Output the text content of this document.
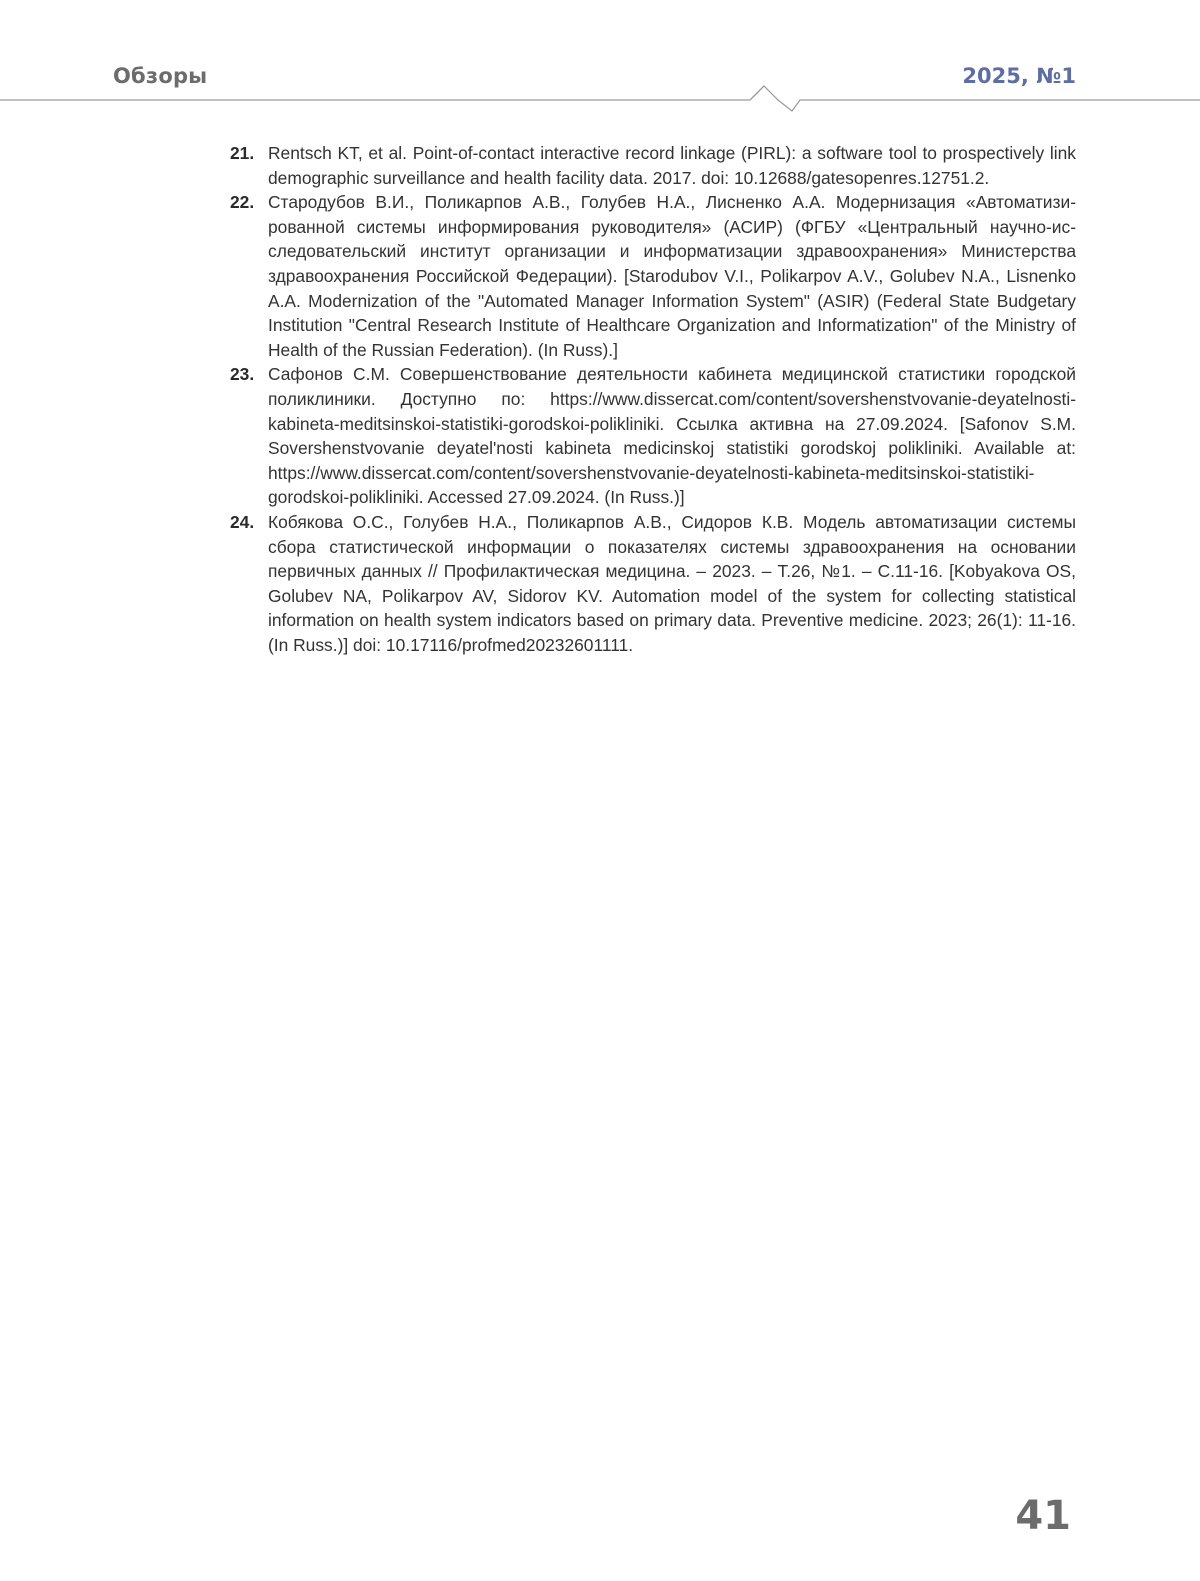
Обзоры	2025, №1
21. Rentsch KT, et al. Point-of-contact interactive record linkage (PIRL): a software tool to prospectively link demographic surveillance and health facility data. 2017. doi: 10.12688/gatesopenres.12751.2.
22. Стародубов В.И., Поликарпов А.В., Голубев Н.А., Лисненко А.А. Модернизация «Автоматизированной системы информирования руководителя» (АСИР) (ФГБУ «Центральный научно-исследовательский институт организации и информатизации здравоохранения» Министерства здравоохранения Российской Федерации). [Starodubov V.I., Polikarpov A.V., Golubev N.A., Lisnenko A.A. Modernization of the "Automated Manager Information System" (ASIR) (Federal State Budgetary Institution "Central Research Institute of Healthcare Organization and Informatization" of the Ministry of Health of the Russian Federation). (In Russ).]
23. Сафонов С.М. Совершенствование деятельности кабинета медицинской статистики городской поликлиники. Доступно по: https://www.dissercat.com/content/sovershenstvovanie-deyatelnosti-kabineta-meditsinskoi-statistiki-gorodskoi-polikliniki. Ссылка активна на 27.09.2024. [Safonov S.M. Sovershenstvovanie deyatel'nosti kabineta medicinskoj statistiki gorodskoj polikliniki. Available at: https://www.dissercat.com/content/sovershenstvovanie-deyatelnosti-kabineta-meditsinskoi-statistiki-gorodskoi-polikliniki. Accessed 27.09.2024. (In Russ.)]
24. Кобякова О.С., Голубев Н.А., Поликарпов А.В., Сидоров К.В. Модель автоматизации системы сбора статистической информации о показателях системы здравоохранения на основании первичных данных // Профилактическая медицина. – 2023. – Т.26, №1. – С.11-16. [Kobyakova OS, Golubev NA, Polikarpov AV, Sidorov KV. Automation model of the system for collecting statistical information on health system indicators based on primary data. Preventive medicine. 2023; 26(1): 11-16. (In Russ.)] doi: 10.17116/profmed20232601111.
41
